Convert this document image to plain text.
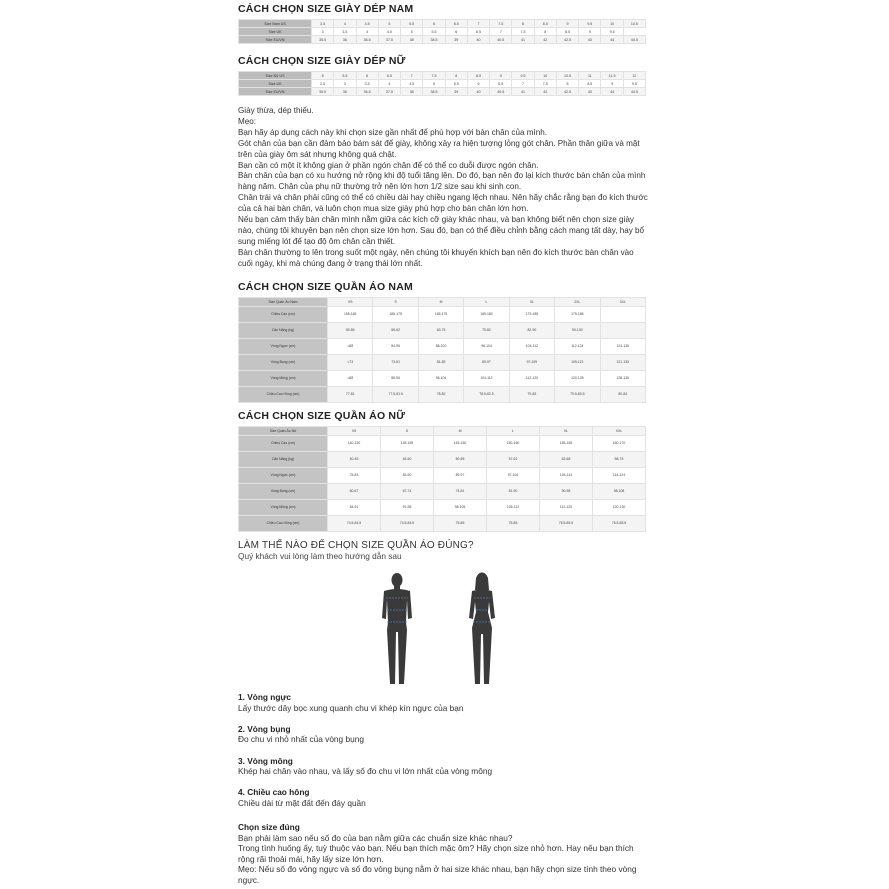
CÁCH CHỌN SIZE GIÀY DÉP NAM

Size Nam US	3.5	4	4.5	5	5.5	6	6.5	7	7.5	8	8.5	9	9.5	10	10.5
Size UK	3	3.5	4	4.5	5	5.5	6	6.5	7	7.5	8	8.5	9	9.5	
Size EU/VN	35.5	36	36.5	37.5	38	38.5	39	40	40.5	41	42	42.5	43	44	44.5

CÁCH CHỌN SIZE GIÀY DÉP NỮ

Size Nữ US	5	5.5	6	6.5	7	7.5	8	8.5	9	9.5	10	10.5	11	11.5	12
Size UK	2.5	3	3.5	4	4.5	5	5.5	6	6.5	7	7.5	8	8.5	9	9.5
Size EU/VN	35.5	36	36.5	37.5	38	38.5	39	40	40.5	41	42	42.5	43	44	44.5

Giày thừa, dép thiếu.

Mẹo:

Bạn hãy áp dụng cách này khi chọn size gần nhất để phù hợp với bàn chân của mình.

Gót chân của bạn cần đảm bảo bám sát để giày, không xảy ra hiện tượng lỏng gót chân. Phần thân giữa và mặt trên của giày ôm sát nhưng không quá chật.

Bạn cần có một ít không gian ở phần ngón chân để có thể co duỗi được ngón chân.

Bàn chân của bạn có xu hướng nở rộng khi độ tuổi tăng lên. Do đó, bạn nên đo lại kích thước bàn chân của mình hàng năm. Chân của phụ nữ thường trở nên lớn hơn 1/2 size sau khi sinh con.

Chân trái và chân phải cũng có thể có chiều dài hay chiều ngang lệch nhau. Nên hãy chắc rằng bạn đo kích thước của cả hai bàn chân, và luôn chọn mua size giày phù hợp cho bàn chân lớn hơn.

Nếu bạn cảm thấy bàn chân mình nằm giữa các kích cỡ giày khác nhau, và bạn không biết nên chọn size giày nào, chúng tôi khuyên bạn nên chọn size lớn hơn. Sau đó, bạn có thể điều chỉnh bằng cách mang tất dày, hay bổ sung miếng lót để tạo độ ôm chân cần thiết.

Bàn chân thường to lên trong suốt một ngày, nên chúng tôi khuyến khích bạn nên đo kích thước bàn chân vào cuối ngày, khi mà chúng đang ở trạng thái lớn nhất.

CÁCH CHỌN SIZE QUẦN ÁO NAM

Size Quần Áo Nam	XS	S	M	L	XL	2XL	3XL
Chiều Cao (cm)	155-165	165-175	165-175	165-180	175-185	175-185	
Cân Nặng (kg)	50-55	55-62	63-75	75-82	82-90	90-100	
Vòng Ngực (cm)	<88	84-96	88-100	96-104	104-112	112-124	124-136
Vòng Bụng (cm)	<73	73-81	81-89	89-97	97-109	109-121	121-133
Vòng Mông (cm)	<88	88-96	96-104	104-112	112-120	120-128	128-136
Chiều Cao Hông (cm)	77-81	77.5-81.5	78-82	78.5-82.5	79-83	79.5-83.5	80-84

CÁCH CHỌN SIZE QUẦN ÁO NỮ

Size Quần Áo Nữ	XS	S	M	L	XL	XXL
Chiều Cao (cm)	140-150	145-155	145-150	150-160	155-165	160-170
Cân Nặng (kg)	40-45	45-50	50-55	57-62	62-68	68-75
Vòng Ngực (cm)	75-83	83-90	89-97	97-104	104-114	114-124
Vòng Bụng (cm)	60-67	67-74	74-81	81-90	90-98	98-108
Vòng Mông (cm)	84-91	91-98	98-105	105-112	112-120	120-130
Chiều Cao Hông (cm)	74.5-84.5	74.5-84.5	75-85	75-85	75.5-85.5	75.5-85.5

LÀM THẾ NÀO ĐỂ CHỌN SIZE QUẦN ÁO ĐÚNG?

Quý khách vui lòng làm theo hướng dẫn sau

1. Vòng ngực
Lấy thước dây bọc xung quanh chu vi khép kín ngực của bạn
2. Vòng bụng
Đo chu vi nhỏ nhất của vòng bụng
3. Vòng mông
Khép hai chân vào nhau, và lấy số đo chu vi lớn nhất của vòng mông
4. Chiều cao hông
Chiều dài từ mặt đất đến đáy quần
Chọn size đúng
Bạn phải làm sao nếu số đo của bạn nằm giữa các chuẩn size khác nhau?
Trong tình huống ấy, tuỳ thuộc vào bạn. Nếu bạn thích mặc ôm? Hãy chọn size nhỏ hơn. Hay nếu bạn thích rộng rãi thoải mái, hãy lấy size lớn hơn.
Mẹo: Nếu số đo vòng ngực và số đo vòng bụng nằm ở hai size khác nhau, bạn hãy chọn size tính theo vòng ngực.
